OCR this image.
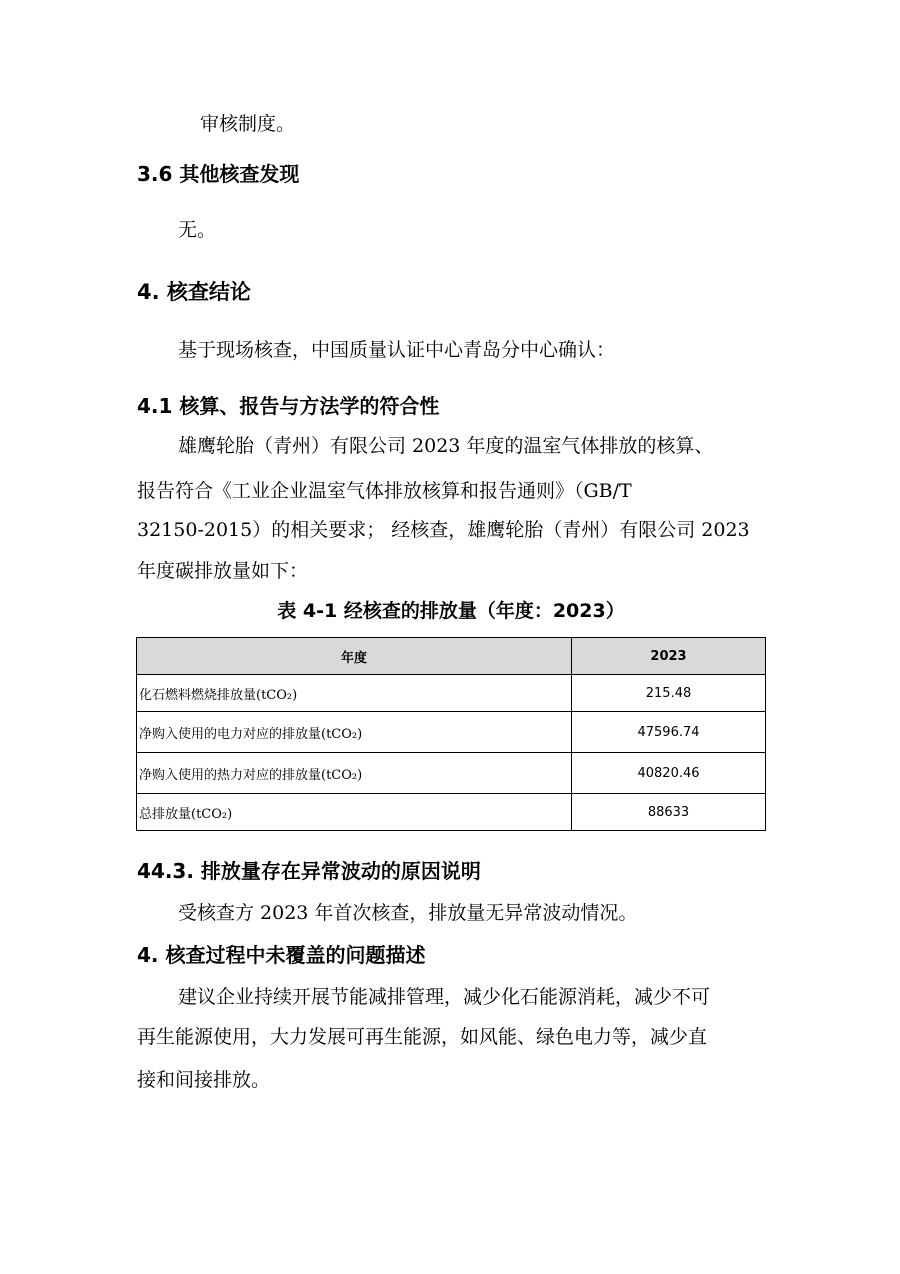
审核制度。
3.6 其他核查发现
无。
4. 核查结论
基于现场核查，中国质量认证中心青岛分中心确认：
4.1 核算、报告与方法学的符合性
雄鹰轮胎（青州）有限公司 2023 年度的温室气体排放的核算、
报告符合《工业企业温室气体排放核算和报告通则》（GB/T
32150-2015）的相关要求； 经核查，雄鹰轮胎（青州）有限公司 2023
年度碳排放量如下：
表 4-1 经核查的排放量（年度：2023）
年度	2023
化石燃料燃烧排放量(tCO₂)	215.48
净购入使用的电力对应的排放量(tCO₂)	47596.74
净购入使用的热力对应的排放量(tCO₂)	40820.46
总排放量(tCO₂)	88633
44.3. 排放量存在异常波动的原因说明
受核查方 2023 年首次核查，排放量无异常波动情况。
4. 核查过程中未覆盖的问题描述
建议企业持续开展节能减排管理，减少化石能源消耗，减少不可
再生能源使用，大力发展可再生能源，如风能、绿色电力等，减少直
接和间接排放。
